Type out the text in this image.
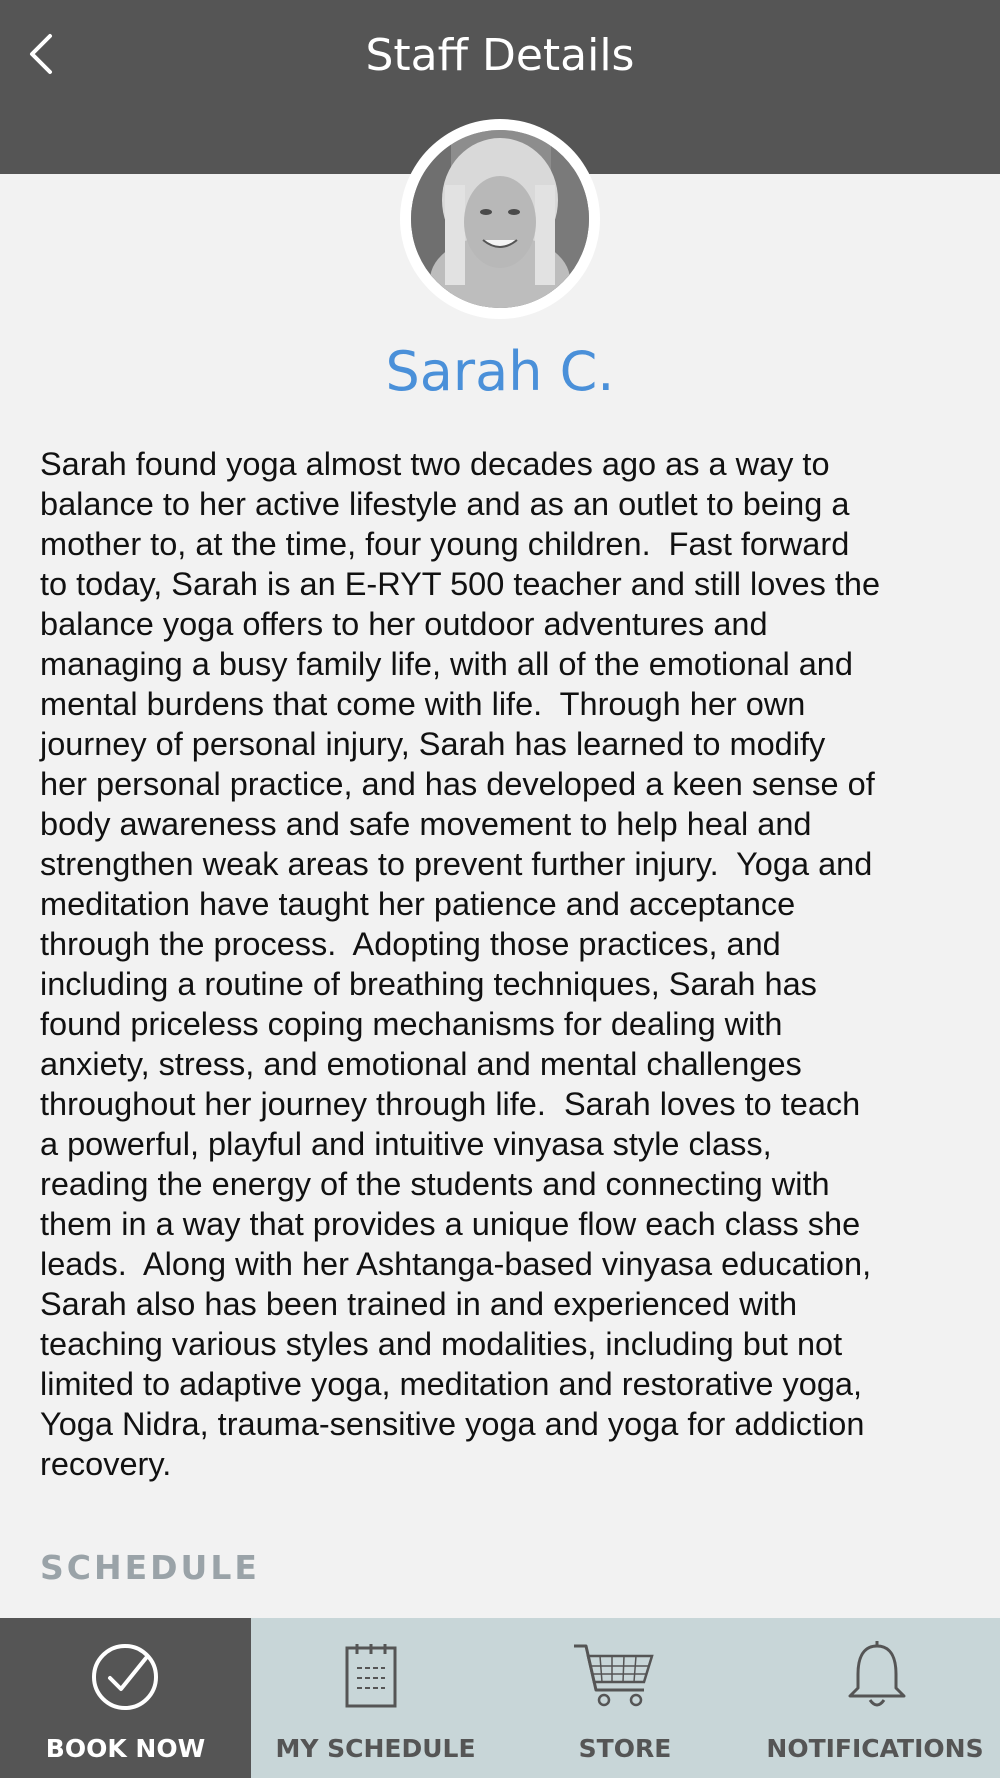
Staff Details
Sarah C.
Sarah found yoga almost two decades ago as a way to
balance to her active lifestyle and as an outlet to being a
mother to, at the time, four young children.  Fast forward
to today, Sarah is an E-RYT 500 teacher and still loves the
balance yoga offers to her outdoor adventures and
managing a busy family life, with all of the emotional and
mental burdens that come with life.  Through her own
journey of personal injury, Sarah has learned to modify
her personal practice, and has developed a keen sense of
body awareness and safe movement to help heal and
strengthen weak areas to prevent further injury.  Yoga and
meditation have taught her patience and acceptance
through the process.  Adopting those practices, and
including a routine of breathing techniques, Sarah has
found priceless coping mechanisms for dealing with
anxiety, stress, and emotional and mental challenges
throughout her journey through life.  Sarah loves to teach
a powerful, playful and intuitive vinyasa style class,
reading the energy of the students and connecting with
them in a way that provides a unique flow each class she
leads.  Along with her Ashtanga-based vinyasa education,
Sarah also has been trained in and experienced with
teaching various styles and modalities, including but not
limited to adaptive yoga, meditation and restorative yoga,
Yoga Nidra, trauma-sensitive yoga and yoga for addiction
recovery.
SCHEDULE
BOOK NOW	MY SCHEDULE	STORE	NOTIFICATIONS
